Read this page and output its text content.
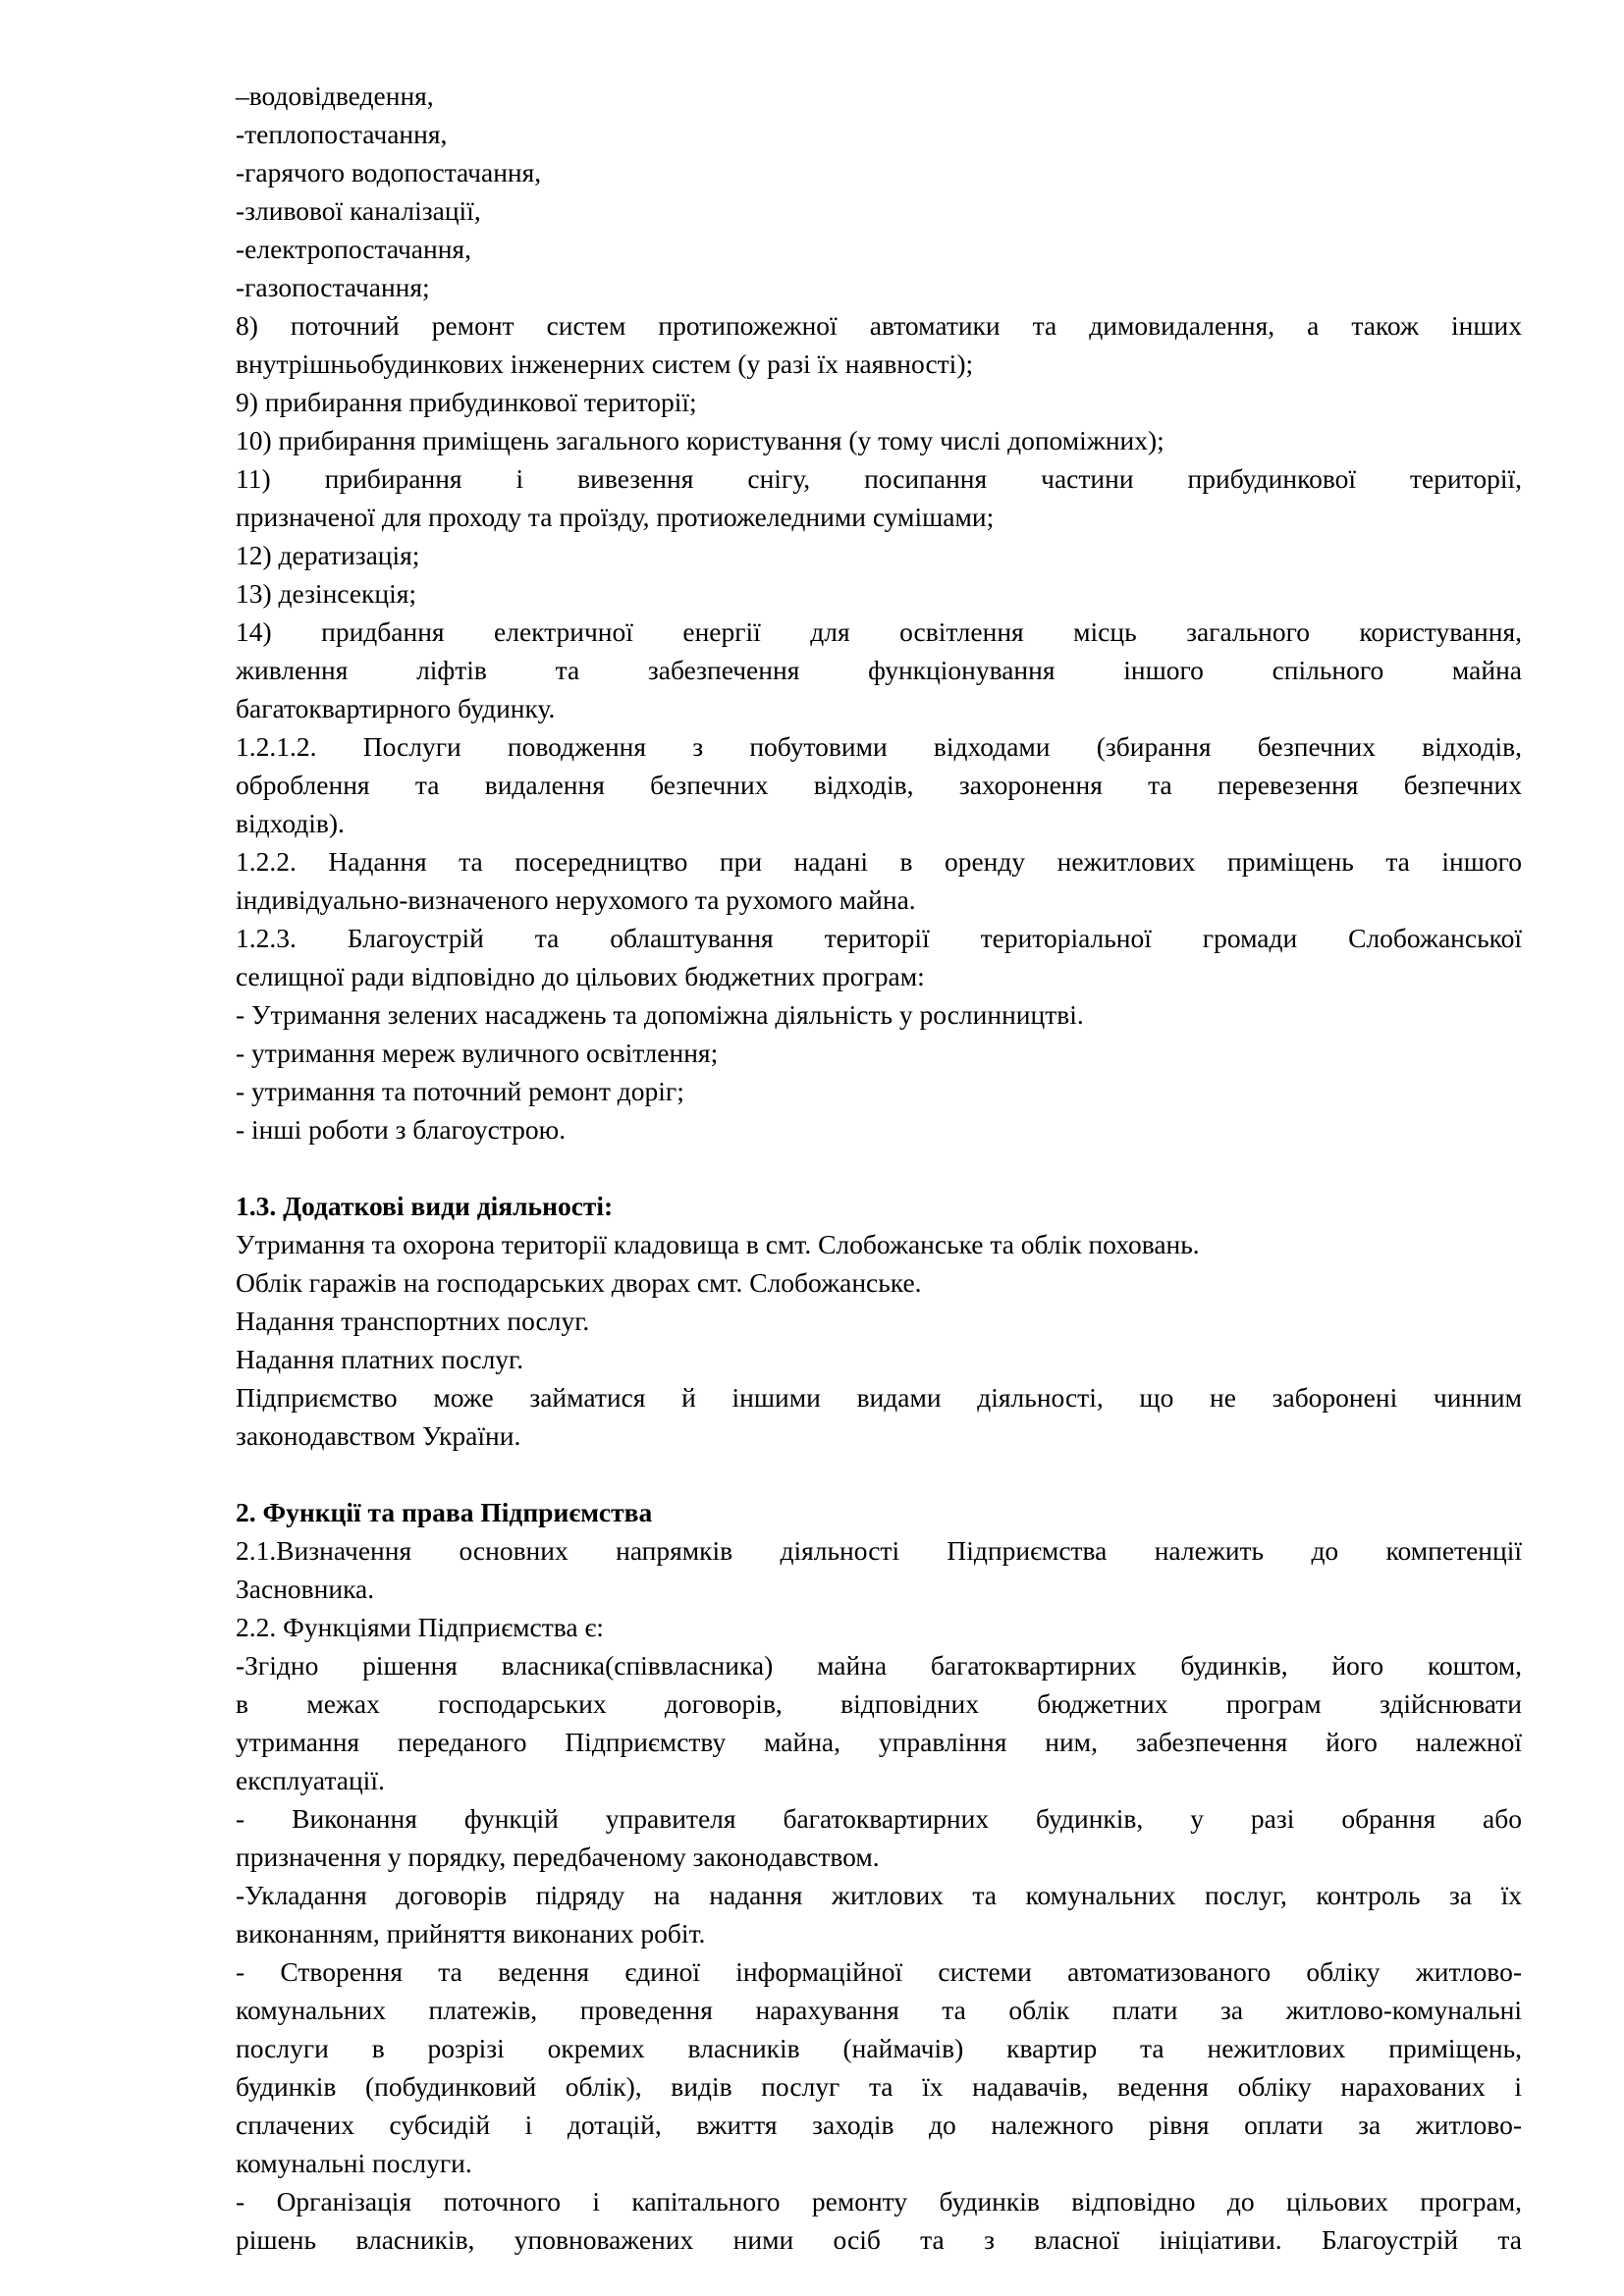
–водовідведення,
-теплопостачання,
-гарячого водопостачання,
-зливової каналізації,
-електропостачання,
-газопостачання;
8) поточний ремонт систем протипожежної автоматики та димовидалення, а також інших
внутрішньобудинкових інженерних систем (у разі їх наявності);
9) прибирання прибудинкової території;
10) прибирання приміщень загального користування (у тому числі допоміжних);
11) прибирання і вивезення снігу, посипання частини прибудинкової території,
призначеної для проходу та проїзду, протиожеледними сумішами;
12) дератизація;
13) дезінсекція;
14) придбання електричної енергії для освітлення місць загального користування,
живлення ліфтів та забезпечення функціонування іншого спільного майна
багатоквартирного будинку.
1.2.1.2. Послуги поводження з побутовими відходами (збирання безпечних відходів,
оброблення та видалення безпечних відходів, захоронення та перевезення безпечних
відходів).
1.2.2. Надання та посередництво при надані в оренду нежитлових приміщень та іншого
індивідуально-визначеного нерухомого та рухомого майна.
1.2.3. Благоустрій та облаштування території територіальної громади Слобожанської
селищної ради відповідно до цільових бюджетних програм:
- Утримання зелених насаджень та допоміжна діяльність у рослинництві.
- утримання мереж вуличного освітлення;
- утримання та поточний ремонт доріг;
- інші роботи з благоустрою.
1.3. Додаткові види діяльності:
Утримання та охорона території кладовища в смт. Слобожанське та облік поховань.
Облік гаражів на господарських дворах смт. Слобожанське.
Надання транспортних послуг.
Надання платних послуг.
Підприємство може займатися й іншими видами діяльності, що не заборонені чинним
законодавством України.
2. Функції та права Підприємства
2.1.Визначення основних напрямків діяльності Підприємства належить до компетенції
Засновника.
2.2. Функціями Підприємства є:
-Згідно рішення власника(співвласника) майна багатоквартирних будинків, його коштом,
в межах господарських договорів, відповідних бюджетних програм здійснювати
утримання переданого Підприємству майна, управління ним, забезпечення його належної
експлуатації.
- Виконання функцій управителя багатоквартирних будинків, у разі обрання або
призначення у порядку, передбаченому законодавством.
-Укладання договорів підряду на надання житлових та комунальних послуг, контроль за їх
виконанням, прийняття виконаних робіт.
- Створення та ведення єдиної інформаційної системи автоматизованого обліку житлово-
комунальних платежів, проведення нарахування та облік плати за житлово-комунальні
послуги в розрізі окремих власників (наймачів) квартир та нежитлових приміщень,
будинків (побудинковий облік), видів послуг та їх надавачів, ведення обліку нарахованих і
сплачених субсидій і дотацій, вжиття заходів до належного рівня оплати за житлово-
комунальні послуги.
- Організація поточного і капітального ремонту будинків відповідно до цільових програм,
рішень власників, уповноважених ними осіб та з власної ініціативи. Благоустрій та
